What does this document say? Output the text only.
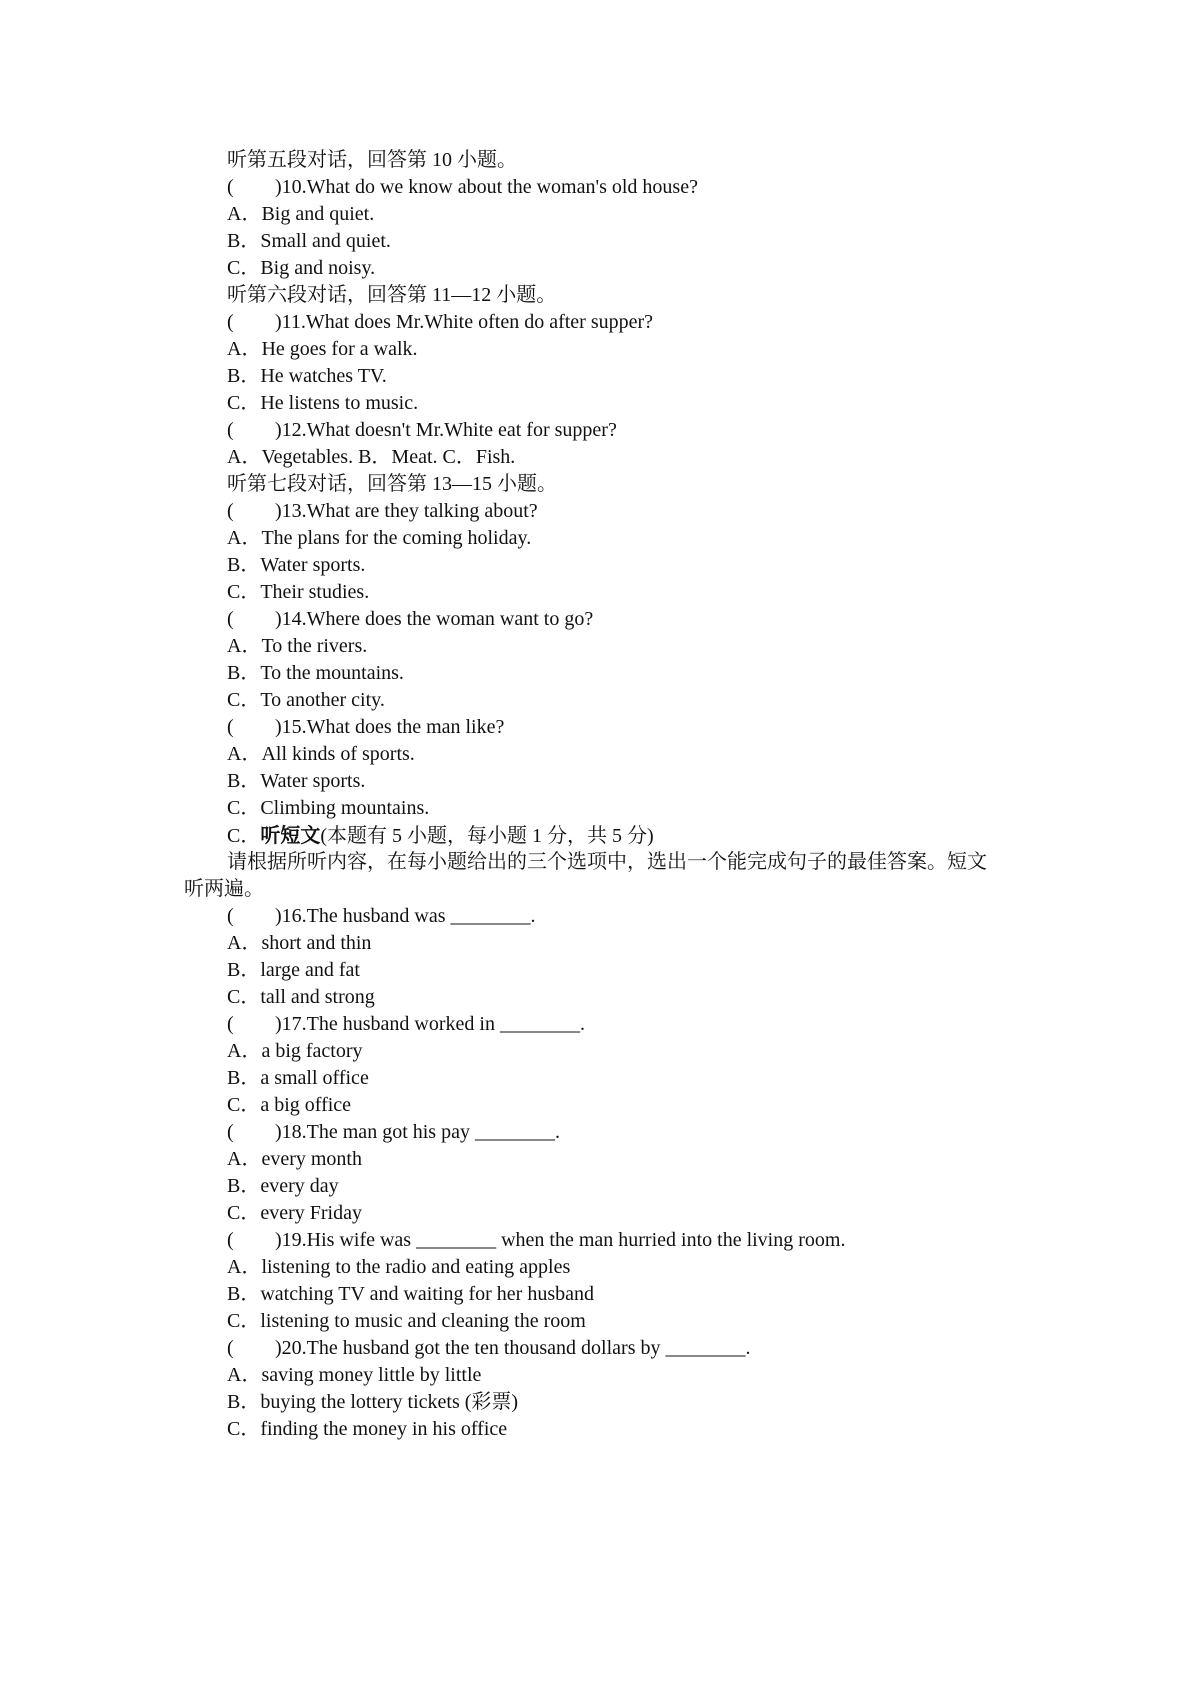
听第五段对话，回答第 10 小题。
( )10.What do we know about the woman's old house?
A．Big and quiet.
B．Small and quiet.
C．Big and noisy.
听第六段对话，回答第 11—12 小题。
( )11.What does Mr.White often do after supper?
A．He goes for a walk.
B．He watches TV.
C．He listens to music.
( )12.What doesn't Mr.White eat for supper?
A．Vegetables. B．Meat. C．Fish.
听第七段对话，回答第 13—15 小题。
( )13.What are they talking about?
A．The plans for the coming holiday.
B．Water sports.
C．Their studies.
( )14.Where does the woman want to go?
A．To the rivers.
B．To the mountains.
C．To another city.
( )15.What does the man like?
A．All kinds of sports.
B．Water sports.
C．Climbing mountains.
C．听短文(本题有 5 小题，每小题 1 分，共 5 分)
请根据所听内容，在每小题给出的三个选项中，选出一个能完成句子的最佳答案。短文
听两遍。
( )16.The husband was ________.
A．short and thin
B．large and fat
C．tall and strong
( )17.The husband worked in ________.
A．a big factory
B．a small office
C．a big office
( )18.The man got his pay ________.
A．every month
B．every day
C．every Friday
( )19.His wife was ________ when the man hurried into the living room.
A．listening to the radio and eating apples
B．watching TV and waiting for her husband
C．listening to music and cleaning the room
( )20.The husband got the ten thousand dollars by ________.
A．saving money little by little
B．buying the lottery tickets (彩票)
C．finding the money in his office
